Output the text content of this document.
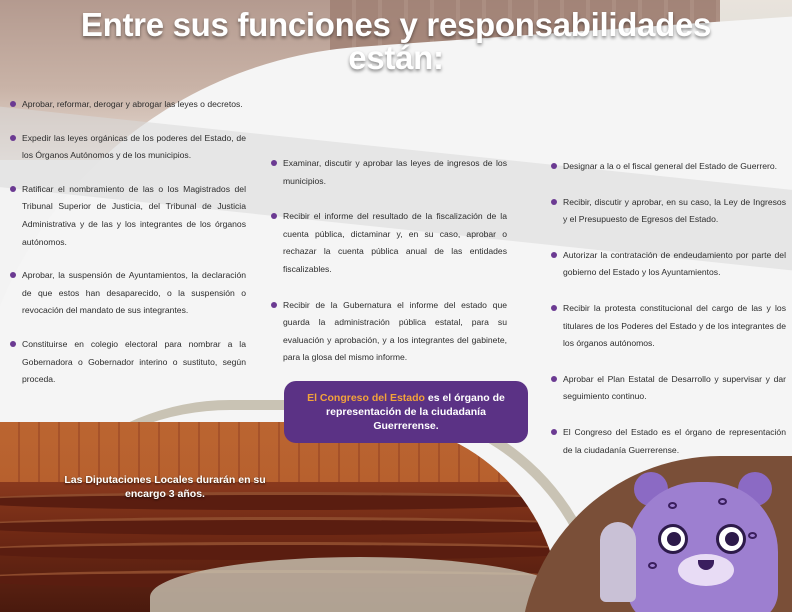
Entre sus funciones y responsabilidades
están:
Aprobar, reformar, derogar y abrogar las leyes o decretos.
Expedir las leyes orgánicas de los poderes del Estado, de los Órganos Autónomos y de los municipios.
Ratificar el nombramiento de las o los Magistrados del Tribunal Superior de Justicia, del Tribunal de Justicia Administrativa y de las y los integrantes de los órganos autónomos.
Aprobar, la suspensión de Ayuntamientos, la declaración de que estos han desaparecido, o la suspensión o revocación del mandato de sus integrantes.
Constituirse en colegio electoral para nombrar a la Gobernadora o Gobernador interino o sustituto, según proceda.
Examinar, discutir y aprobar las leyes de ingresos de los municipios.
Recibir el informe del resultado de la fiscalización de la cuenta pública, dictaminar y, en su caso, aprobar o rechazar la cuenta pública anual de las entidades fiscalizables.
Recibir de la Gubernatura el informe del estado que guarda la administración pública estatal, para su evaluación y aprobación, y a los integrantes del gabinete, para la glosa del mismo informe.
Designar a la o el fiscal general del Estado de Guerrero.
Recibir, discutir y aprobar, en su caso, la Ley de Ingresos y el Presupuesto de Egresos del Estado.
Autorizar la contratación de endeudamiento por parte del gobierno del Estado y los Ayuntamientos.
Recibir la protesta constitucional del cargo de las y los titulares de los Poderes del Estado y de los integrantes de los órganos autónomos.
Aprobar el Plan Estatal de Desarrollo y supervisar y dar seguimiento continuo.
El Congreso del Estado es el órgano de representación de la ciudadanía Guerrerense.
Las Diputaciones Locales durarán en su encargo 3 años.
El Congreso del Estado es el órgano de representación de la ciudadanía Guerrerense.
